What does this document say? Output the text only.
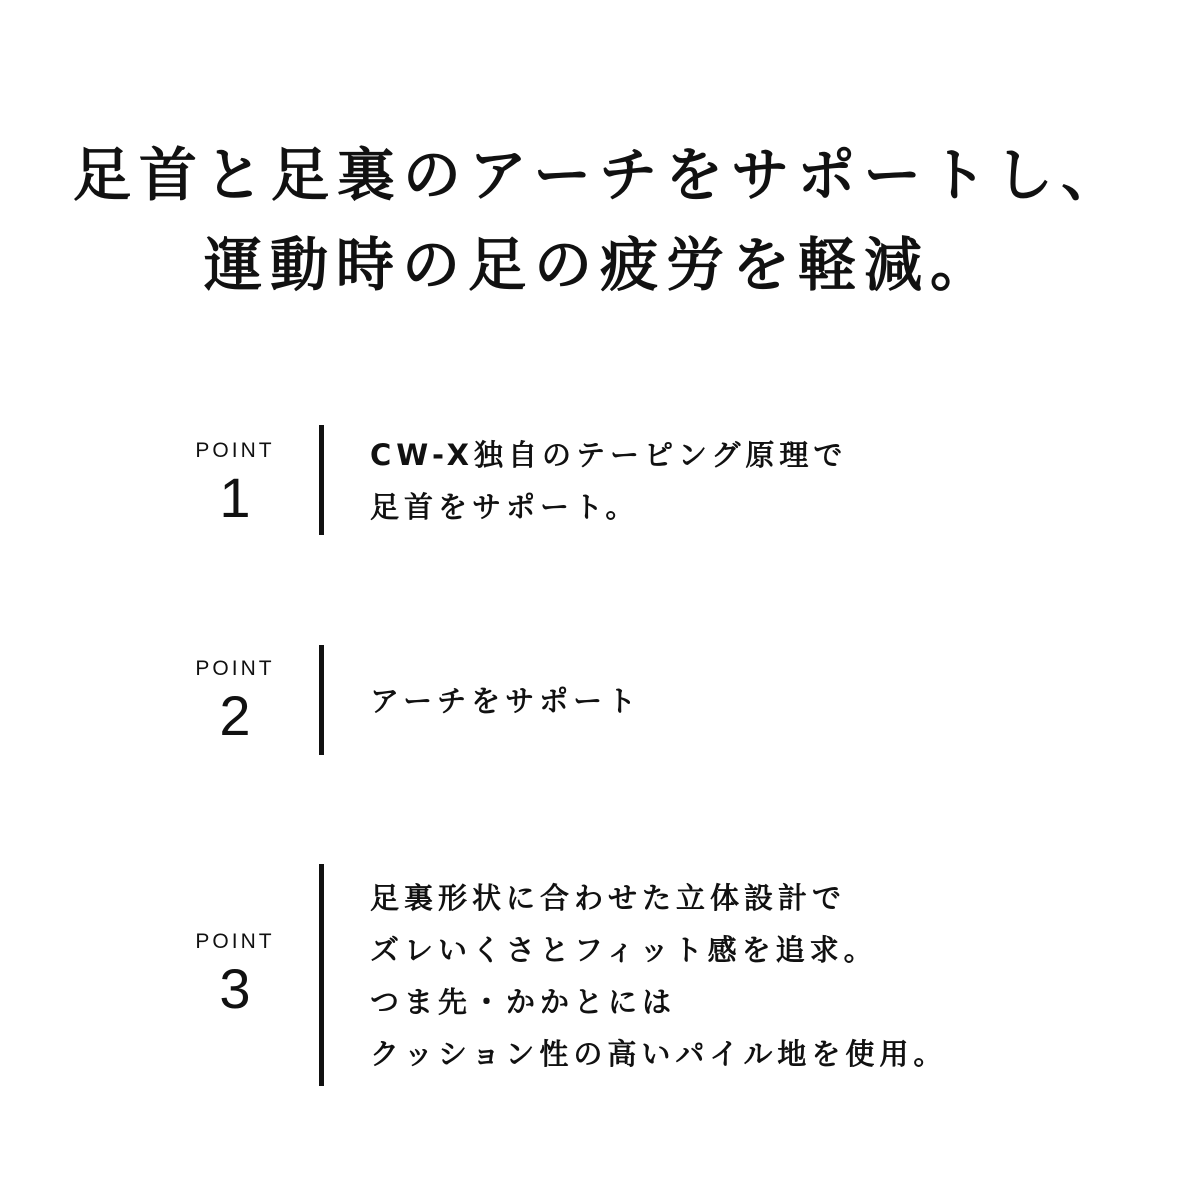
足首と足裏のアーチをサポートし、
運動時の足の疲労を軽減。
POINT
1
CW-X独自のテーピング原理で
足首をサポート。
POINT
2	アーチをサポート
POINT
3
足裏形状に合わせた立体設計で
ズレいくさとフィット感を追求。
つま先・かかとには
クッション性の高いパイル地を使用。
